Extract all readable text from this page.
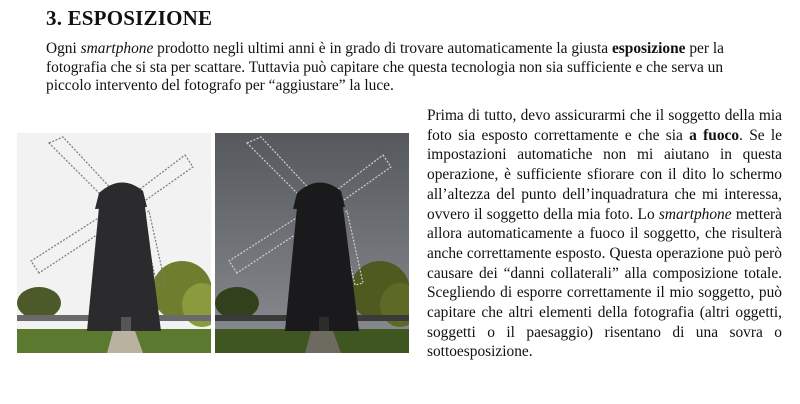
3. ESPOSIZIONE

Ogni smartphone prodotto negli ultimi anni è in grado di trovare automaticamente la giusta esposizione per la fotografia che si sta per scattare. Tuttavia può capitare che questa tecnologia non sia sufficiente e che serva un piccolo intervento del fotografo per “aggiustare” la luce.

Prima di tutto, devo assicurarmi che il soggetto della mia foto sia esposto correttamente e che sia a fuoco. Se le impostazioni automatiche non mi aiutano in questa operazione, è sufficiente sfiorare con il dito lo schermo all’altezza del punto dell’inquadratura che mi interessa, ovvero il soggetto della mia foto. Lo smartphone metterà allora automaticamente a fuoco il soggetto, che risulterà anche correttamente esposto. Questa operazione può però causare dei “danni collaterali” alla composizione totale. Scegliendo di esporre correttamente il mio soggetto, può capitare che altri elementi della fotografia (altri oggetti, soggetti o il paesaggio) risentano di una sovra o sottoesposizione.
